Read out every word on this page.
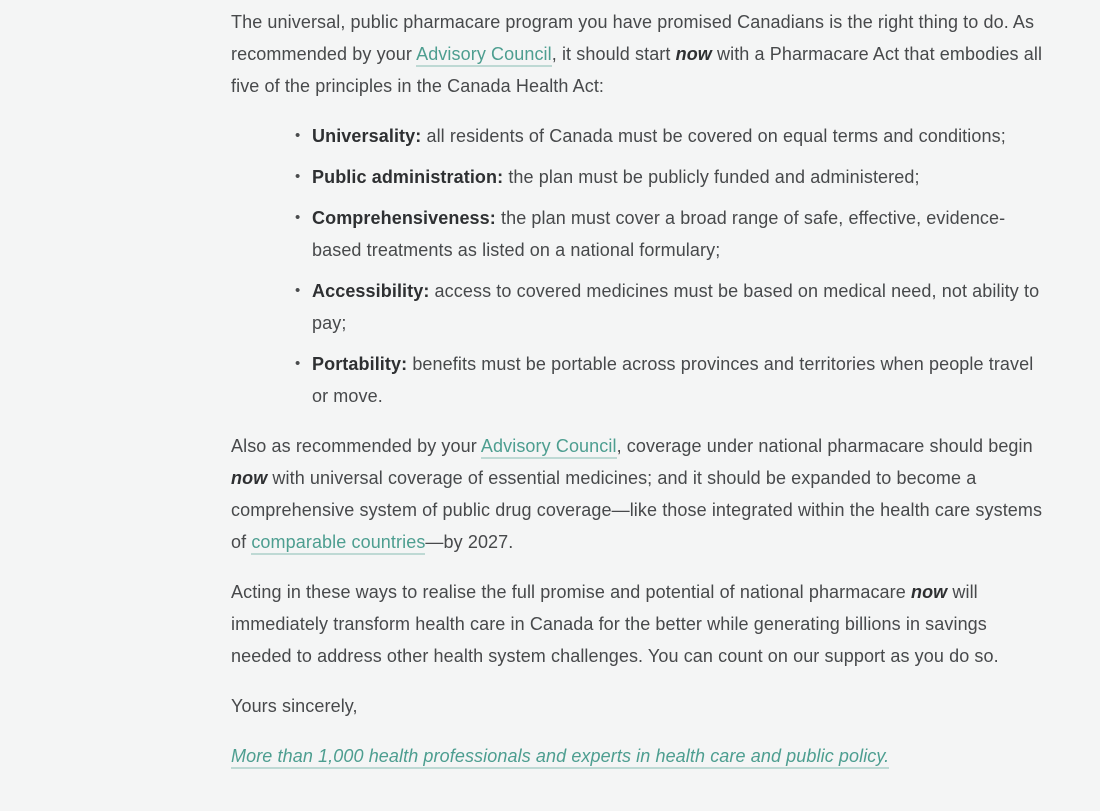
The universal, public pharmacare program you have promised Canadians is the right thing to do. As recommended by your Advisory Council, it should start now with a Pharmacare Act that embodies all five of the principles in the Canada Health Act:

• Universality: all residents of Canada must be covered on equal terms and conditions;
• Public administration: the plan must be publicly funded and administered;
• Comprehensiveness: the plan must cover a broad range of safe, effective, evidence-based treatments as listed on a national formulary;
• Accessibility: access to covered medicines must be based on medical need, not ability to pay;
• Portability: benefits must be portable across provinces and territories when people travel or move.

Also as recommended by your Advisory Council, coverage under national pharmacare should begin now with universal coverage of essential medicines; and it should be expanded to become a comprehensive system of public drug coverage—like those integrated within the health care systems of comparable countries—by 2027.

Acting in these ways to realise the full promise and potential of national pharmacare now will immediately transform health care in Canada for the better while generating billions in savings needed to address other health system challenges. You can count on our support as you do so.

Yours sincerely,

More than 1,000 health professionals and experts in health care and public policy.
